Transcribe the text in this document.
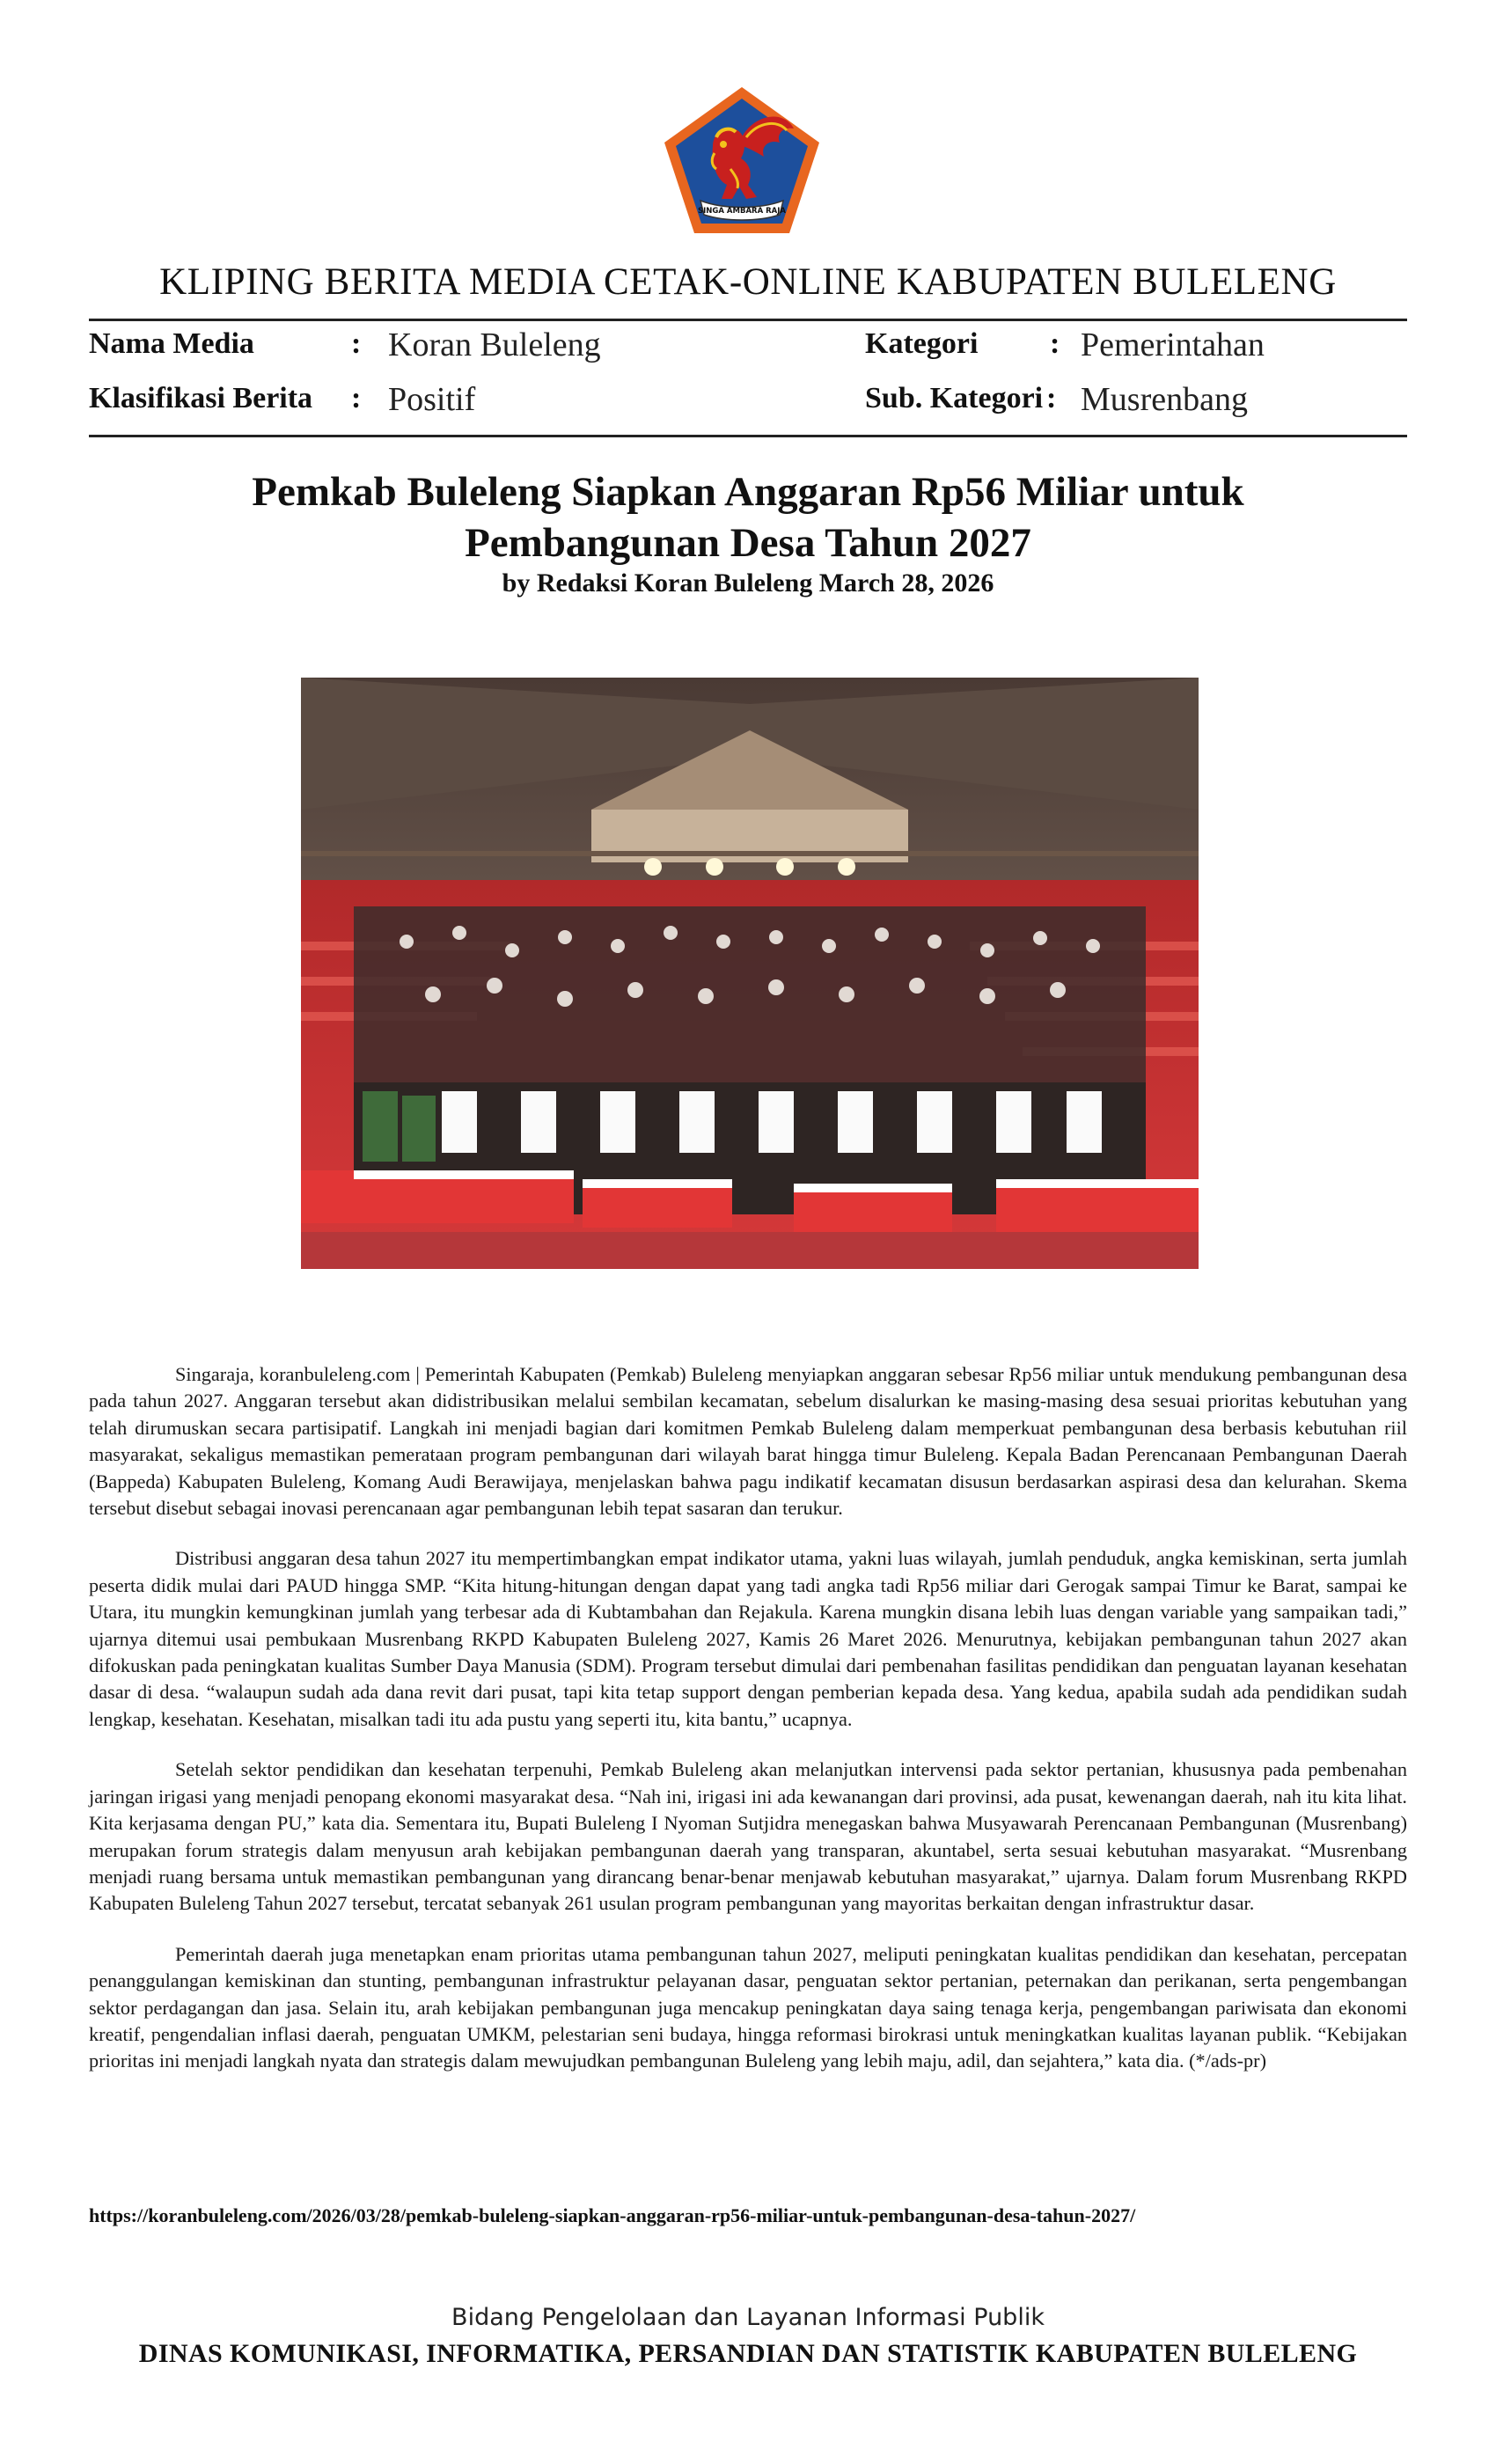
SINGA AMBARA RAJA
KLIPING BERITA MEDIA CETAK-ONLINE KABUPATEN BULELENG
Nama Media	: Koran Buleleng	Kategori : Pemerintahan
Klasifikasi Berita : Positif	Sub. Kategori : Musrenbang
Pemkab Buleleng Siapkan Anggaran Rp56 Miliar untuk Pembangunan Desa Tahun 2027
by Redaksi Koran Buleleng March 28, 2026

Singaraja, koranbuleleng.com | Pemerintah Kabupaten (Pemkab) Buleleng menyiapkan anggaran sebesar Rp56 miliar untuk mendukung pembangunan desa pada tahun 2027. Anggaran tersebut akan didistribusikan melalui sembilan kecamatan, sebelum disalurkan ke masing-masing desa sesuai prioritas kebutuhan yang telah dirumuskan secara partisipatif. Langkah ini menjadi bagian dari komitmen Pemkab Buleleng dalam memperkuat pembangunan desa berbasis kebutuhan riil masyarakat, sekaligus memastikan pemerataan program pembangunan dari wilayah barat hingga timur Buleleng. Kepala Badan Perencanaan Pembangunan Daerah (Bappeda) Kabupaten Buleleng, Komang Audi Berawijaya, menjelaskan bahwa pagu indikatif kecamatan disusun berdasarkan aspirasi desa dan kelurahan. Skema tersebut disebut sebagai inovasi perencanaan agar pembangunan lebih tepat sasaran dan terukur.

Distribusi anggaran desa tahun 2027 itu mempertimbangkan empat indikator utama, yakni luas wilayah, jumlah penduduk, angka kemiskinan, serta jumlah peserta didik mulai dari PAUD hingga SMP. “Kita hitung-hitungan dengan dapat yang tadi angka tadi Rp56 miliar dari Gerogak sampai Timur ke Barat, sampai ke Utara, itu mungkin kemungkinan jumlah yang terbesar ada di Kubtambahan dan Rejakula. Karena mungkin disana lebih luas dengan variable yang sampaikan tadi,” ujarnya ditemui usai pembukaan Musrenbang RKPD Kabupaten Buleleng 2027, Kamis 26 Maret 2026. Menurutnya, kebijakan pembangunan tahun 2027 akan difokuskan pada peningkatan kualitas Sumber Daya Manusia (SDM). Program tersebut dimulai dari pembenahan fasilitas pendidikan dan penguatan layanan kesehatan dasar di desa. “walaupun sudah ada dana revit dari pusat, tapi kita tetap support dengan pemberian kepada desa. Yang kedua, apabila sudah ada pendidikan sudah lengkap, kesehatan. Kesehatan, misalkan tadi itu ada pustu yang seperti itu, kita bantu,” ucapnya.

Setelah sektor pendidikan dan kesehatan terpenuhi, Pemkab Buleleng akan melanjutkan intervensi pada sektor pertanian, khususnya pada pembenahan jaringan irigasi yang menjadi penopang ekonomi masyarakat desa. “Nah ini, irigasi ini ada kewanangan dari provinsi, ada pusat, kewenangan daerah, nah itu kita lihat. Kita kerjasama dengan PU,” kata dia. Sementara itu, Bupati Buleleng I Nyoman Sutjidra menegaskan bahwa Musyawarah Perencanaan Pembangunan (Musrenbang) merupakan forum strategis dalam menyusun arah kebijakan pembangunan daerah yang transparan, akuntabel, serta sesuai kebutuhan masyarakat. “Musrenbang menjadi ruang bersama untuk memastikan pembangunan yang dirancang benar-benar menjawab kebutuhan masyarakat,” ujarnya. Dalam forum Musrenbang RKPD Kabupaten Buleleng Tahun 2027 tersebut, tercatat sebanyak 261 usulan program pembangunan yang mayoritas berkaitan dengan infrastruktur dasar.

Pemerintah daerah juga menetapkan enam prioritas utama pembangunan tahun 2027, meliputi peningkatan kualitas pendidikan dan kesehatan, percepatan penanggulangan kemiskinan dan stunting, pembangunan infrastruktur pelayanan dasar, penguatan sektor pertanian, peternakan dan perikanan, serta pengembangan sektor perdagangan dan jasa. Selain itu, arah kebijakan pembangunan juga mencakup peningkatan daya saing tenaga kerja, pengembangan pariwisata dan ekonomi kreatif, pengendalian inflasi daerah, penguatan UMKM, pelestarian seni budaya, hingga reformasi birokrasi untuk meningkatkan kualitas layanan publik. “Kebijakan prioritas ini menjadi langkah nyata dan strategis dalam mewujudkan pembangunan Buleleng yang lebih maju, adil, dan sejahtera,” kata dia. (*/ads-pr)

https://koranbuleleng.com/2026/03/28/pemkab-buleleng-siapkan-anggaran-rp56-miliar-untuk-pembangunan-desa-tahun-2027/
Bidang Pengelolaan dan Layanan Informasi Publik
DINAS KOMUNIKASI, INFORMATIKA, PERSANDIAN DAN STATISTIK KABUPATEN BULELENG
